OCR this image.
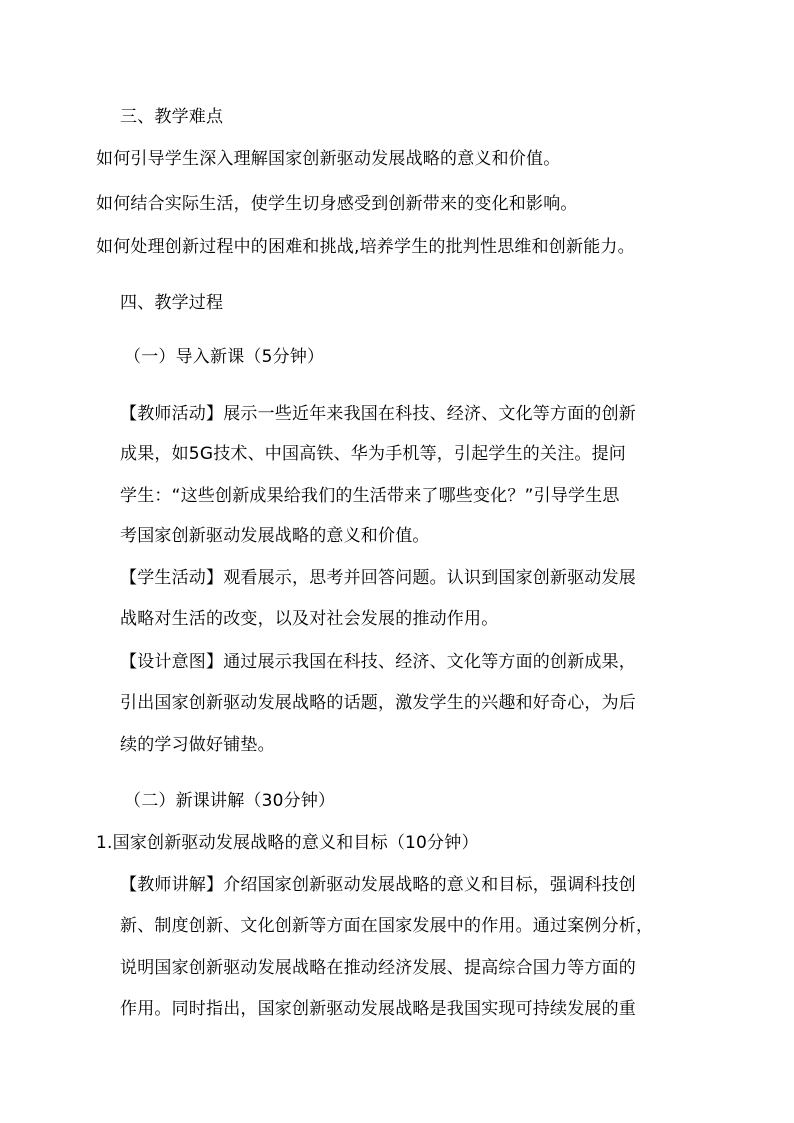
三、教学难点
如何引导学生深入理解国家创新驱动发展战略的意义和价值。
如何结合实际生活，使学生切身感受到创新带来的变化和影响。
如何处理创新过程中的困难和挑战,培养学生的批判性思维和创新能力。
四、教学过程
（一）导入新课（5分钟）
【教师活动】展示一些近年来我国在科技、经济、文化等方面的创新
成果，如5G技术、中国高铁、华为手机等，引起学生的关注。提问
学生：“这些创新成果给我们的生活带来了哪些变化？”引导学生思
考国家创新驱动发展战略的意义和价值。
【学生活动】观看展示，思考并回答问题。认识到国家创新驱动发展
战略对生活的改变，以及对社会发展的推动作用。
【设计意图】通过展示我国在科技、经济、文化等方面的创新成果，
引出国家创新驱动发展战略的话题，激发学生的兴趣和好奇心，为后
续的学习做好铺垫。
（二）新课讲解（30分钟）
1.国家创新驱动发展战略的意义和目标（10分钟）
【教师讲解】介绍国家创新驱动发展战略的意义和目标，强调科技创
新、制度创新、文化创新等方面在国家发展中的作用。通过案例分析，
说明国家创新驱动发展战略在推动经济发展、提高综合国力等方面的
作用。同时指出，国家创新驱动发展战略是我国实现可持续发展的重
